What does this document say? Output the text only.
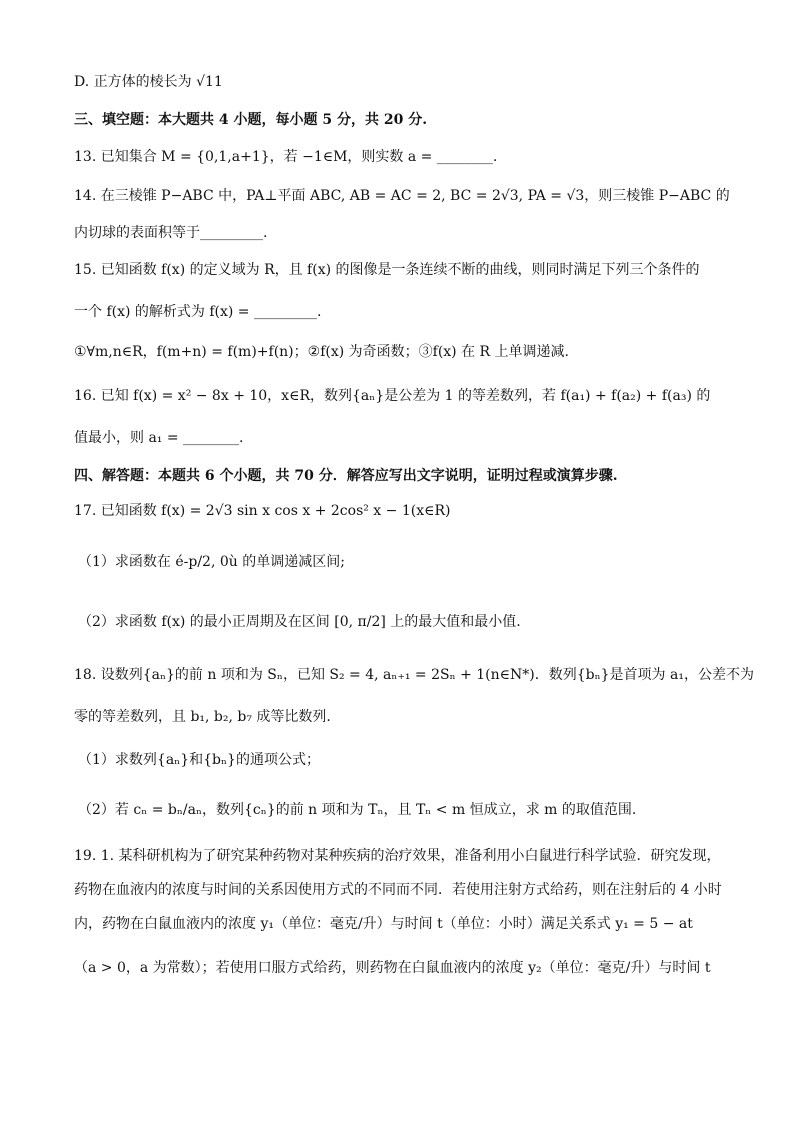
D. 正方体的棱长为 √11
三、填空题：本大题共 4 小题，每小题 5 分，共 20 分.
13. 已知集合 M = {0,1,a+1}，若 −1∈M，则实数 a = ________.
14. 在三棱锥 P−ABC 中，PA⊥平面 ABC, AB = AC = 2, BC = 2√3, PA = √3，则三棱锥 P−ABC 的
内切球的表面积等于_________.
15. 已知函数 f(x) 的定义域为 R，且 f(x) 的图像是一条连续不断的曲线，则同时满足下列三个条件的
一个 f(x) 的解析式为 f(x) = _________.
①∀m,n∈R，f(m+n) = f(m)+f(n)；②f(x) 为奇函数；③f(x) 在 R 上单调递减.
16. 已知 f(x) = x² − 8x + 10，x∈R，数列{aₙ}是公差为 1 的等差数列，若 f(a₁) + f(a₂) + f(a₃) 的
值最小，则 a₁ = ________.
四、解答题：本题共 6 个小题，共 70 分．解答应写出文字说明，证明过程或演算步骤.
17. 已知函数 f(x) = 2√3 sin x cos x + 2cos² x − 1(x∈R)
（1）求函数在 é-p/2, 0ù 的单调递减区间;
（2）求函数 f(x) 的最小正周期及在区间 [0, π/2] 上的最大值和最小值.
18. 设数列{aₙ}的前 n 项和为 Sₙ，已知 S₂ = 4, aₙ₊₁ = 2Sₙ + 1(n∈N*)．数列{bₙ}是首项为 a₁，公差不为
零的等差数列，且 b₁, b₂, b₇ 成等比数列.
（1）求数列{aₙ}和{bₙ}的通项公式；
（2）若 cₙ = bₙ/aₙ，数列{cₙ}的前 n 项和为 Tₙ，且 Tₙ < m 恒成立，求 m 的取值范围.
19. 1. 某科研机构为了研究某种药物对某种疾病的治疗效果，准备利用小白鼠进行科学试验．研究发现，
药物在血液内的浓度与时间的关系因使用方式的不同而不同．若使用注射方式给药，则在注射后的 4 小时
内，药物在白鼠血液内的浓度 y₁（单位：毫克/升）与时间 t（单位：小时）满足关系式 y₁ = 5 − at
（a > 0，a 为常数）；若使用口服方式给药，则药物在白鼠血液内的浓度 y₂（单位：毫克/升）与时间 t
